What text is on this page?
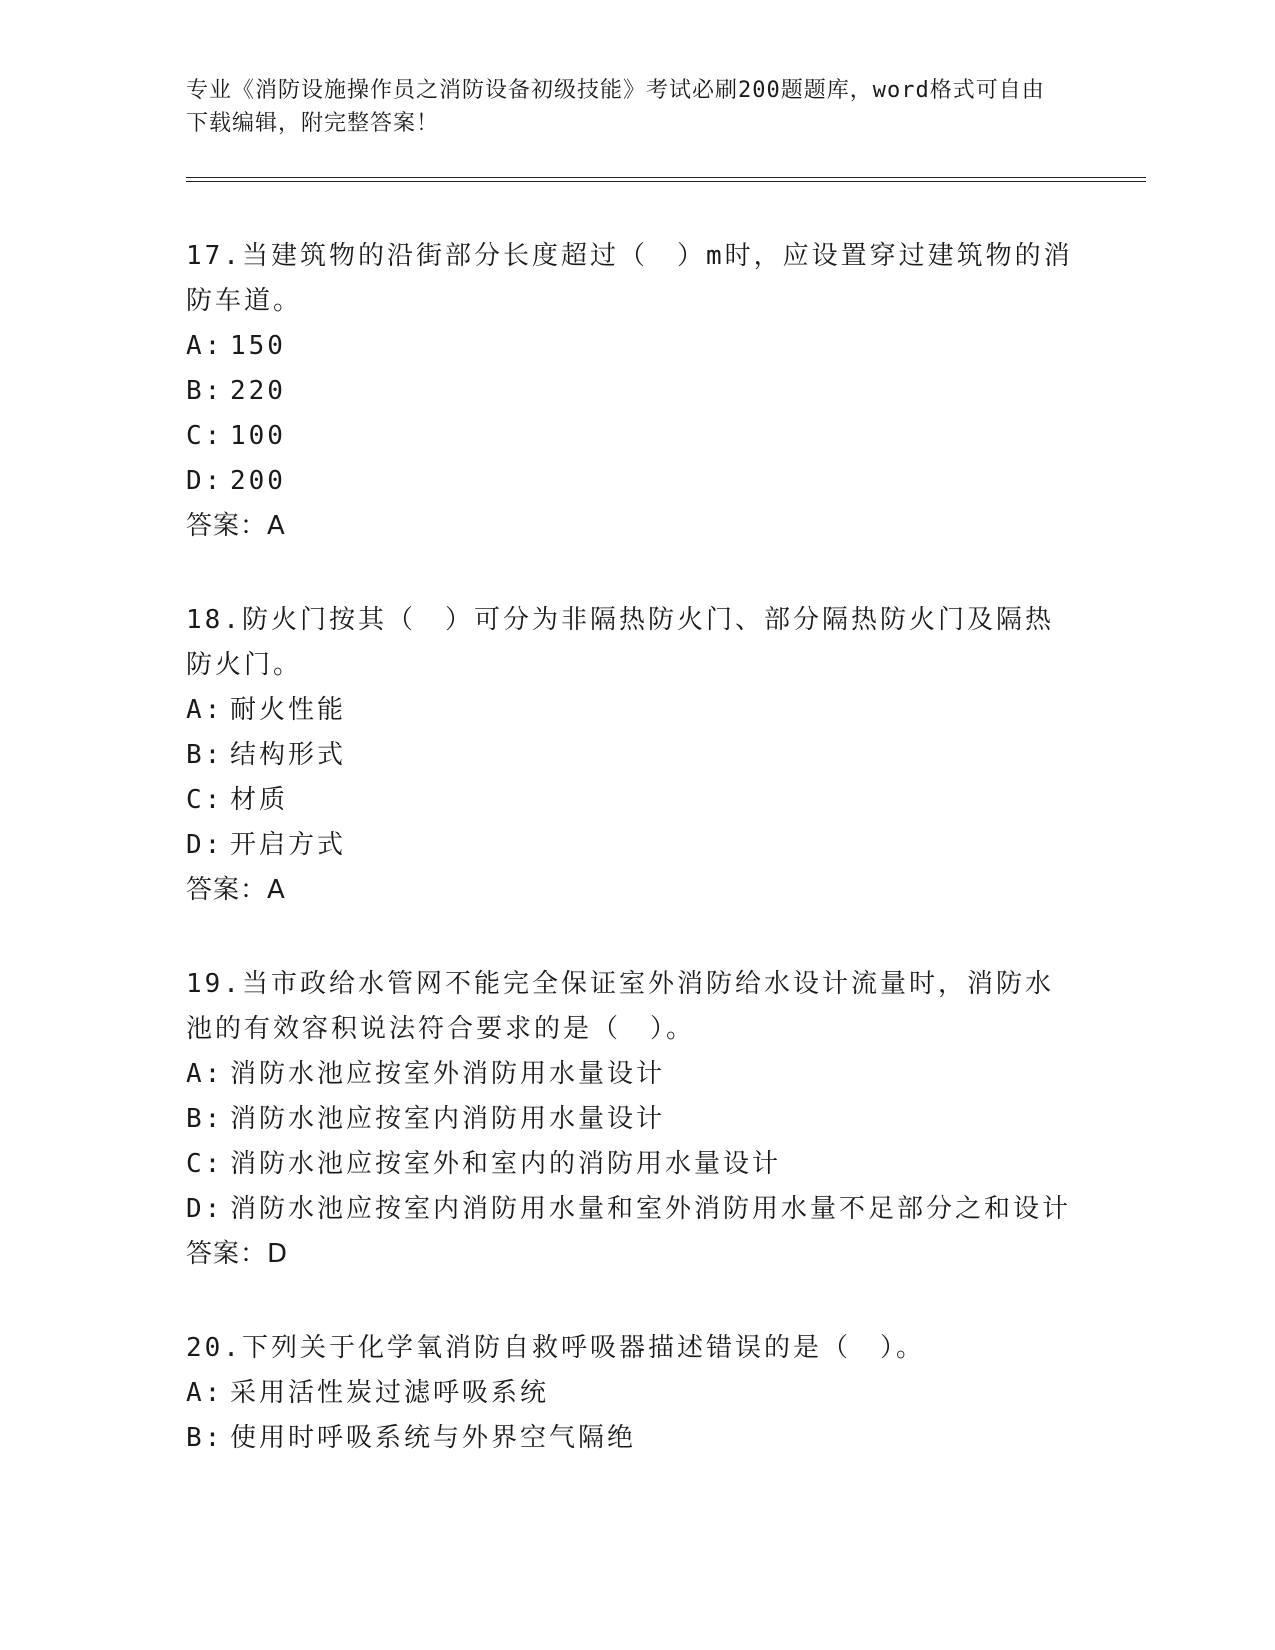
专业《消防设施操作员之消防设备初级技能》考试必刷200题题库，word格式可自由下载编辑，附完整答案！
17.当建筑物的沿街部分长度超过（　）m时，应设置穿过建筑物的消防车道。
A: 150
B: 220
C: 100
D: 200
答案：A
18.防火门按其（　）可分为非隔热防火门、部分隔热防火门及隔热防火门。
A: 耐火性能
B: 结构形式
C: 材质
D: 开启方式
答案：A
19.当市政给水管网不能完全保证室外消防给水设计流量时，消防水池的有效容积说法符合要求的是（　）。
A: 消防水池应按室外消防用水量设计
B: 消防水池应按室内消防用水量设计
C: 消防水池应按室外和室内的消防用水量设计
D: 消防水池应按室内消防用水量和室外消防用水量不足部分之和设计
答案：D
20.下列关于化学氧消防自救呼吸器描述错误的是（　）。
A: 采用活性炭过滤呼吸系统
B: 使用时呼吸系统与外界空气隔绝
